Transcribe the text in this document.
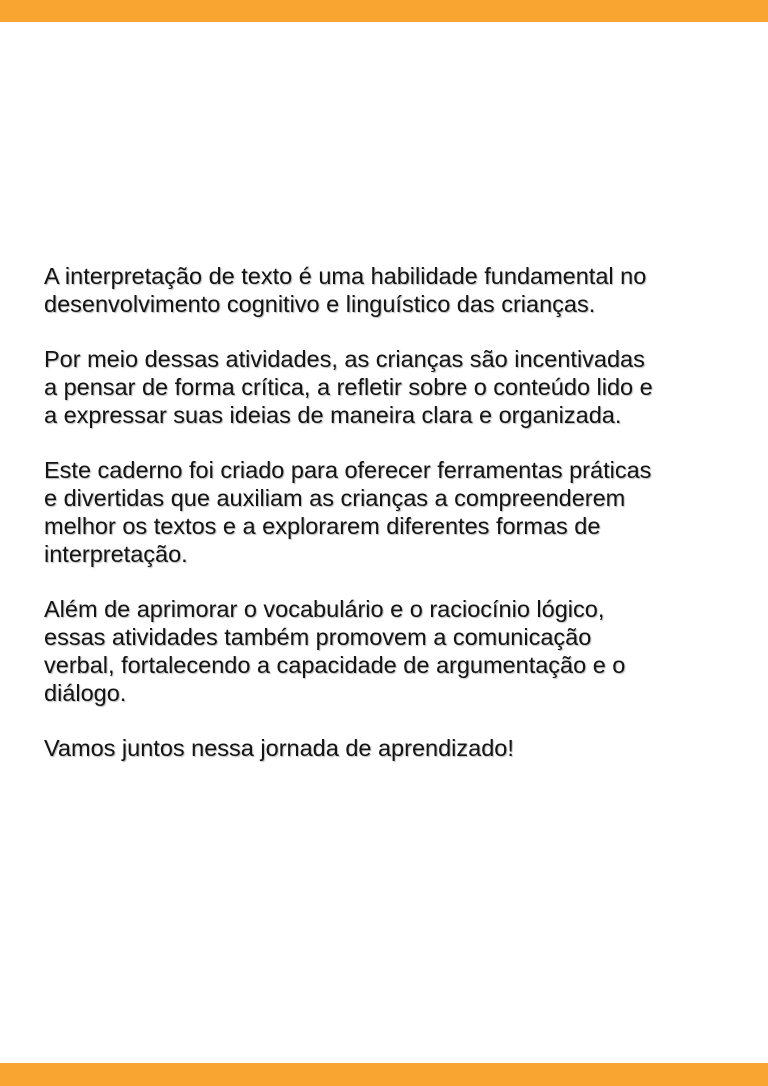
A interpretação de texto é uma habilidade fundamental no
desenvolvimento cognitivo e linguístico das crianças.

Por meio dessas atividades, as crianças são incentivadas
a pensar de forma crítica, a refletir sobre o conteúdo lido e
a expressar suas ideias de maneira clara e organizada.

Este caderno foi criado para oferecer ferramentas práticas
e divertidas que auxiliam as crianças a compreenderem
melhor os textos e a explorarem diferentes formas de
interpretação.

Além de aprimorar o vocabulário e o raciocínio lógico,
essas atividades também promovem a comunicação
verbal, fortalecendo a capacidade de argumentação e o
diálogo.

Vamos juntos nessa jornada de aprendizado!
